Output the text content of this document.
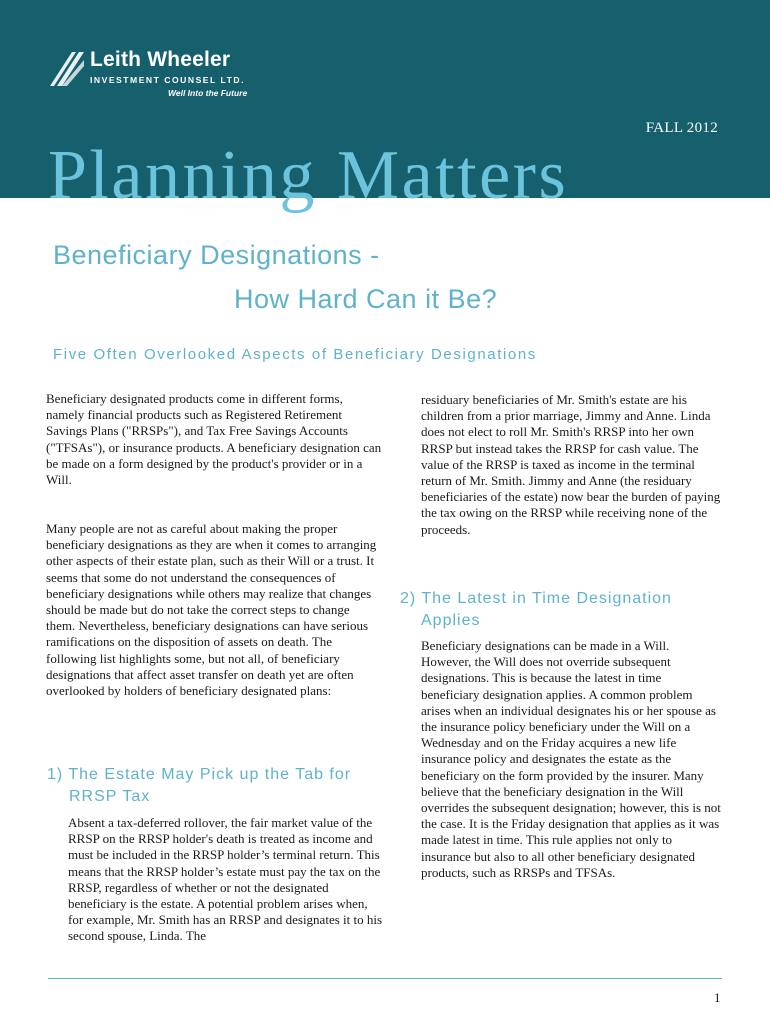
Leith Wheeler
INVESTMENT COUNSEL LTD.
Well Into the Future
FALL 2012
Planning Matters
Beneficiary Designations -
How Hard Can it Be?
Five Often Overlooked Aspects of Beneficiary Designations

Beneficiary designated products come in different forms, namely financial products such as Registered Retirement Savings Plans ("RRSPs"), and Tax Free Savings Accounts ("TFSAs"), or insurance products. A beneficiary designation can be made on a form designed by the product's provider or in a Will.

Many people are not as careful about making the proper beneficiary designations as they are when it comes to arranging other aspects of their estate plan, such as their Will or a trust. It seems that some do not understand the consequences of beneficiary designations while others may realize that changes should be made but do not take the correct steps to change them. Nevertheless, beneficiary designations can have serious ramifications on the disposition of assets on death. The following list highlights some, but not all, of beneficiary designations that affect asset transfer on death yet are often overlooked by holders of beneficiary designated plans:

1) The Estate May Pick up the Tab for

RRSP Tax

Absent a tax-deferred rollover, the fair market value of the RRSP on the RRSP holder's death is treated as income and must be included in the RRSP holder’s terminal return. This means that the RRSP holder’s estate must pay the tax on the RRSP, regardless of whether or not the designated beneficiary is the estate. A potential problem arises when, for example, Mr. Smith has an RRSP and designates it to his second spouse, Linda. The

residuary beneficiaries of Mr. Smith's estate are his children from a prior marriage, Jimmy and Anne. Linda does not elect to roll Mr. Smith's RRSP into her own RRSP but instead takes the RRSP for cash value. The value of the RRSP is taxed as income in the terminal return of Mr. Smith. Jimmy and Anne (the residuary beneficiaries of the estate) now bear the burden of paying the tax owing on the RRSP while receiving none of the proceeds.

2) The Latest in Time Designation

Applies

Beneficiary designations can be made in a Will. However, the Will does not override subsequent designations. This is because the latest in time beneficiary designation applies. A common problem arises when an individual designates his or her spouse as the insurance policy beneficiary under the Will on a Wednesday and on the Friday acquires a new life insurance policy and designates the estate as the beneficiary on the form provided by the insurer. Many believe that the beneficiary designation in the Will overrides the subsequent designation; however, this is not the case. It is the Friday designation that applies as it was made latest in time. This rule applies not only to insurance but also to all other beneficiary designated products, such as RRSPs and TFSAs.

1
